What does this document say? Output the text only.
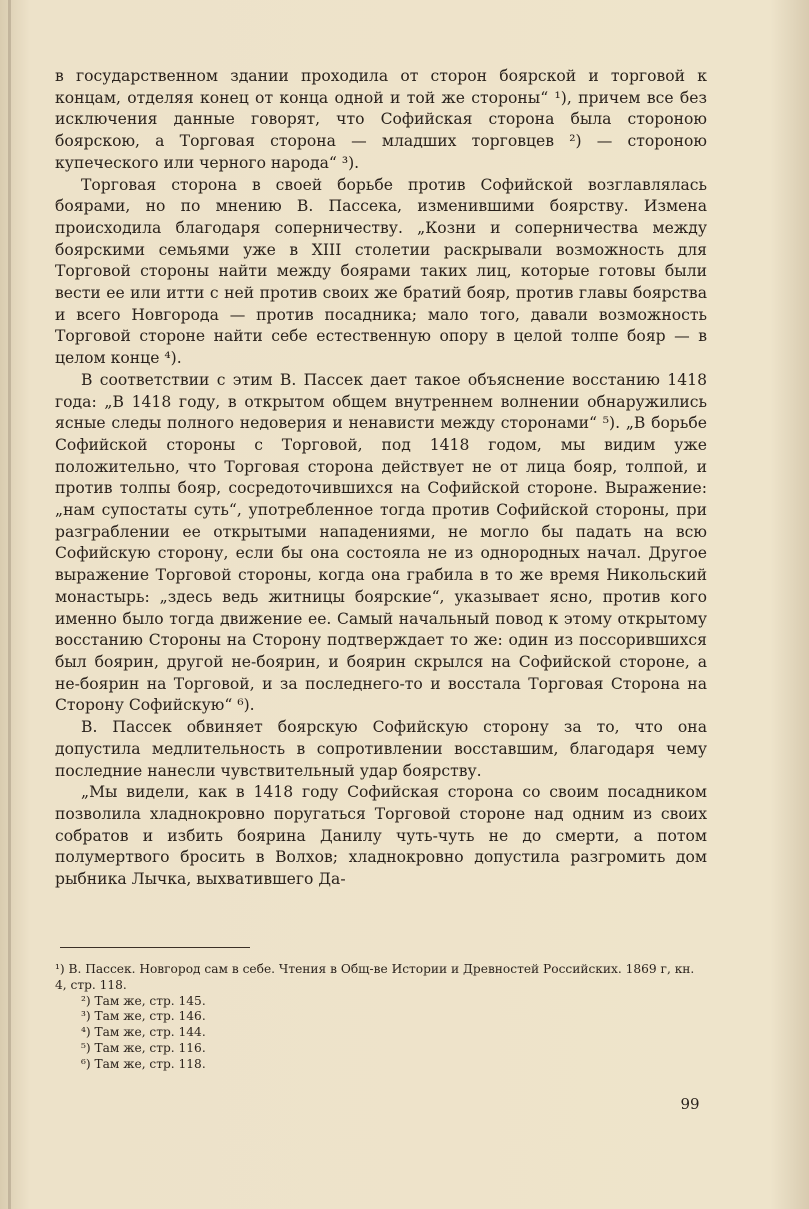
в государственном здании проходила от сторон боярской и торговой к концам, отделяя конец от конца одной и той же стороны“ ¹), причем все без исключения данные говорят, что Софийская сторона была стороною боярскою, а Торговая сторона — младших торговцев ²) — стороною купеческого или черного народа“ ³).

Торговая сторона в своей борьбе против Софийской возглавлялась боярами, но по мнению В. Пассека, изменившими боярству. Измена происходила благодаря соперничеству. „Козни и соперничества между боярскими семьями уже в XIII столетии раскрывали возможность для Торговой стороны найти между боярами таких лиц, которые готовы были вести ее или итти с ней против своих же братий бояр, против главы боярства и всего Новгорода — против посадника; мало того, давали возможность Торговой стороне найти себе естественную опору в целой толпе бояр — в целом конце ⁴).

В соответствии с этим В. Пассек дает такое объяснение восстанию 1418 года: „В 1418 году, в открытом общем внутреннем волнении обнаружились ясные следы полного недоверия и ненависти между сторонами“ ⁵). „В борьбе Софийской стороны с Торговой, под 1418 годом, мы видим уже положительно, что Торговая сторона действует не от лица бояр, толпой, и против толпы бояр, сосредоточившихся на Софийской стороне. Выражение: „нам супостаты суть“, употребленное тогда против Софийской стороны, при разграблении ее открытыми нападениями, не могло бы падать на всю Софийскую сторону, если бы она состояла не из однородных начал. Другое выражение Торговой стороны, когда она грабила в то же время Никольский монастырь: „здесь ведь житницы боярские“, указывает ясно, против кого именно было тогда движение ее. Самый начальный повод к этому открытому восстанию Стороны на Сторону подтверждает то же: один из поссорившихся был боярин, другой не-боярин, и боярин скрылся на Софийской стороне, а не-боярин на Торговой, и за последнего-то и восстала Торговая Сторона на Сторону Софийскую“ ⁶).

В. Пассек обвиняет боярскую Софийскую сторону за то, что она допустила медлительность в сопротивлении восставшим, благодаря чему последние нанесли чувствительный удар боярству.

„Мы видели, как в 1418 году Софийская сторона со своим посадником позволила хладнокровно поругаться Торговой стороне над одним из своих собратов и избить боярина Данилу чуть-чуть не до смерти, а потом полумертвого бросить в Волхов; хладнокровно допустила разгромить дом рыбника Лычка, выхватившего Да-

¹) В. Пассек. Новгород сам в себе. Чтения в Общ-ве Истории и Древностей Российских. 1869 г, кн. 4, стр. 118.
²) Там же, стр. 145.
³) Там же, стр. 146.
⁴) Там же, стр. 144.
⁵) Там же, стр. 116.
⁶) Там же, стр. 118.
99
